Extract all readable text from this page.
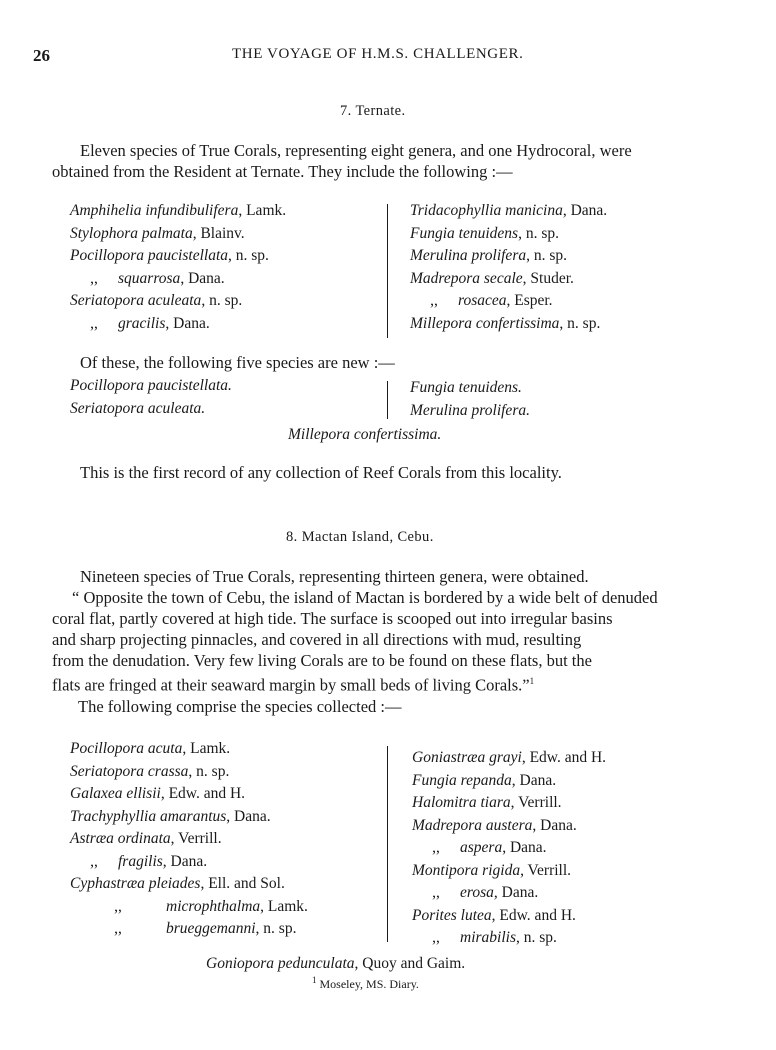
26	THE VOYAGE OF H.M.S. CHALLENGER.
7. Ternate.
Eleven species of True Corals, representing eight genera, and one Hydrocoral, were
obtained from the Resident at Ternate. They include the following :—
Amphihelia infundibulifera, Lamk.
Stylophora palmata, Blainv.
Pocillopora paucistellata, n. sp.
,, squarrosa, Dana.
Seriatopora aculeata, n. sp.
,, gracilis, Dana.
Tridacophyllia manicina, Dana.
Fungia tenuidens, n. sp.
Merulina prolifera, n. sp.
Madrepora secale, Studer.
,, rosacea, Esper.
Millepora confertissima, n. sp.
Of these, the following five species are new :—
Pocillopora paucistellata.
Seriatopora aculeata.
Fungia tenuidens.
Merulina prolifera.
Millepora confertissima.
This is the first record of any collection of Reef Corals from this locality.
8. Mactan Island, Cebu.
Nineteen species of True Corals, representing thirteen genera, were obtained.
“ Opposite the town of Cebu, the island of Mactan is bordered by a wide belt of denuded
coral flat, partly covered at high tide. The surface is scooped out into irregular basins
and sharp projecting pinnacles, and covered in all directions with mud, resulting
from the denudation. Very few living Corals are to be found on these flats, but the
flats are fringed at their seaward margin by small beds of living Corals.”$^1$
The following comprise the species collected :—
Pocillopora acuta, Lamk.
Seriatopora crassa, n. sp.
Galaxea ellisii, Edw. and H.
Trachyphyllia amarantus, Dana.
Astræa ordinata, Verrill.
,, fragilis, Dana.
Cyphastræa pleiades, Ell. and Sol.
,,	microphthalma, Lamk.
,,	brueggemanni, n. sp.
Goniastræa grayi, Edw. and H.
Fungia repanda, Dana.
Halomitra tiara, Verrill.
Madrepora austera, Dana.
,, aspera, Dana.
Montipora rigida, Verrill.
,, erosa, Dana.
Porites lutea, Edw. and H.
,, mirabilis, n. sp.
Goniopora pedunculata, Quoy and Gaim.
$^1$ Moseley, MS. Diary.
